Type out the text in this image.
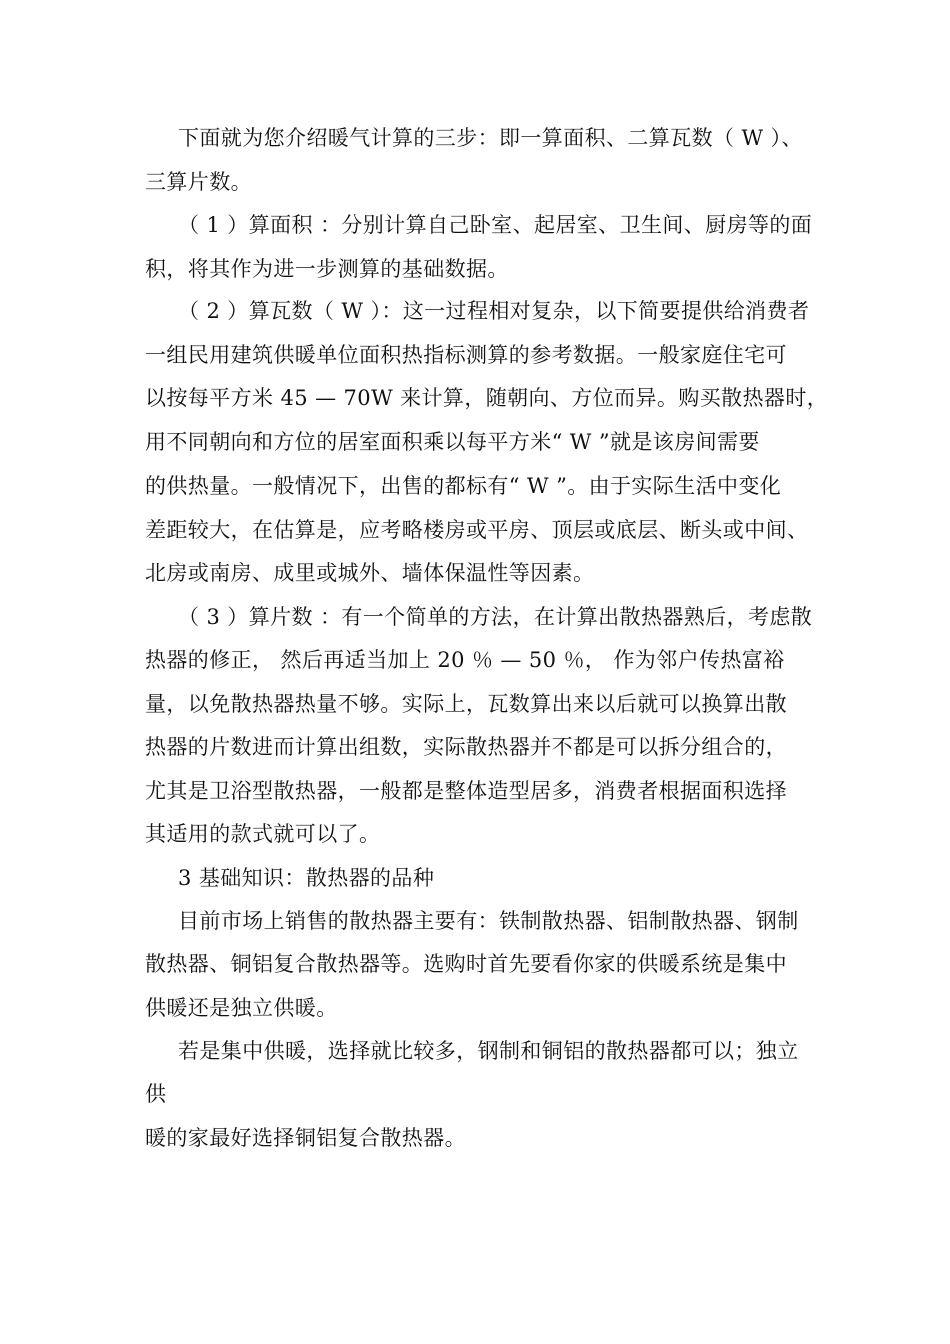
下面就为您介绍暖气计算的三步：即一算面积、二算瓦数（ W ）、
三算片数。
（ 1 ）算面积 ：分别计算自己卧室、起居室、卫生间、厨房等的面
积，将其作为进一步测算的基础数据。
（ 2 ）算瓦数（ W ）：这一过程相对复杂，以下简要提供给消费者
一组民用建筑供暖单位面积热指标测算的参考数据。一般家庭住宅可
以按每平方米 45 — 70W 来计算，随朝向、方位而异。购买散热器时，
用不同朝向和方位的居室面积乘以每平方米“ W ”就是该房间需要
的供热量。一般情况下，出售的都标有“ W ”。由于实际生活中变化
差距较大，在估算是，应考略楼房或平房、顶层或底层、断头或中间、
北房或南房、成里或城外、墙体保温性等因素。
（ 3 ）算片数 ：有一个简单的方法，在计算出散热器熟后，考虑散
热器的修正， 然后再适当加上 20 ％ — 50 ％， 作为邻户传热富裕
量，以免散热器热量不够。实际上，瓦数算出来以后就可以换算出散
热器的片数进而计算出组数，实际散热器并不都是可以拆分组合的，
尤其是卫浴型散热器，一般都是整体造型居多，消费者根据面积选择
其适用的款式就可以了。
3 基础知识：散热器的品种
目前市场上销售的散热器主要有：铁制散热器、铝制散热器、钢制
散热器、铜铝复合散热器等。选购时首先要看你家的供暖系统是集中
供暖还是独立供暖。
若是集中供暖，选择就比较多，钢制和铜铝的散热器都可以；独立
供
暖的家最好选择铜铝复合散热器。
